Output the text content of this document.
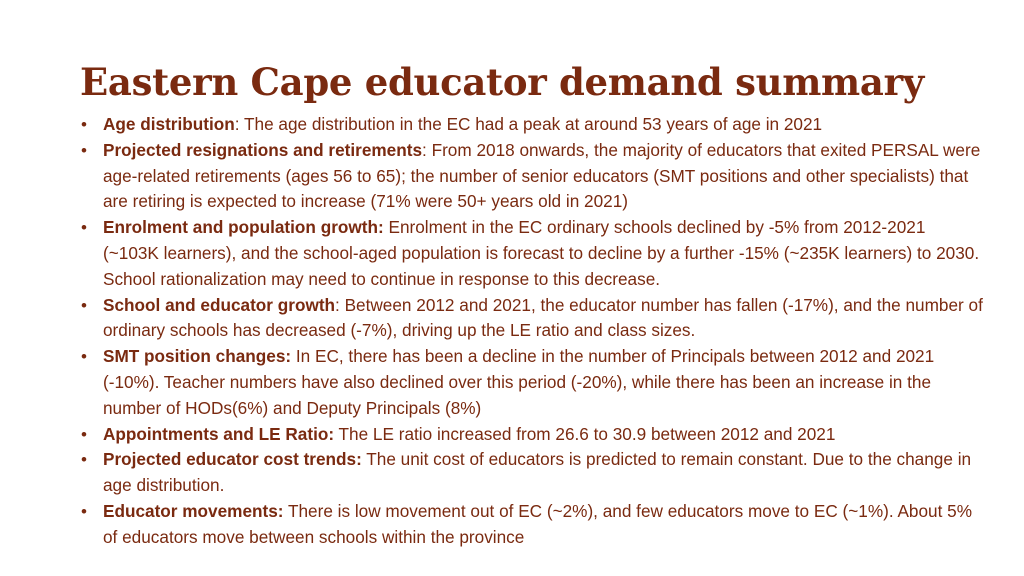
Eastern Cape educator demand summary
• Age distribution: The age distribution in the EC had a peak at around 53 years of age in 2021
• Projected resignations and retirements: From 2018 onwards, the majority of educators that exited PERSAL were age-related retirements (ages 56 to 65); the number of senior educators (SMT positions and other specialists) that are retiring is expected to increase (71% were 50+ years old in 2021)
• Enrolment and population growth: Enrolment in the EC ordinary schools declined by -5% from 2012-2021 (~103K learners), and the school-aged population is forecast to decline by a further -15% (~235K learners) to 2030. School rationalization may need to continue in response to this decrease.
• School and educator growth: Between 2012 and 2021, the educator number has fallen (-17%), and the number of ordinary schools has decreased (-7%), driving up the LE ratio and class sizes.
• SMT position changes: In EC, there has been a decline in the number of Principals between 2012 and 2021 (-10%). Teacher numbers have also declined over this period (-20%), while there has been an increase in the number of HODs(6%) and Deputy Principals (8%)
• Appointments and LE Ratio: The LE ratio increased from 26.6 to 30.9 between 2012 and 2021
• Projected educator cost trends: The unit cost of educators is predicted to remain constant. Due to the change in age distribution.
• Educator movements: There is low movement out of EC (~2%), and few educators move to EC (~1%). About 5% of educators move between schools within the province
